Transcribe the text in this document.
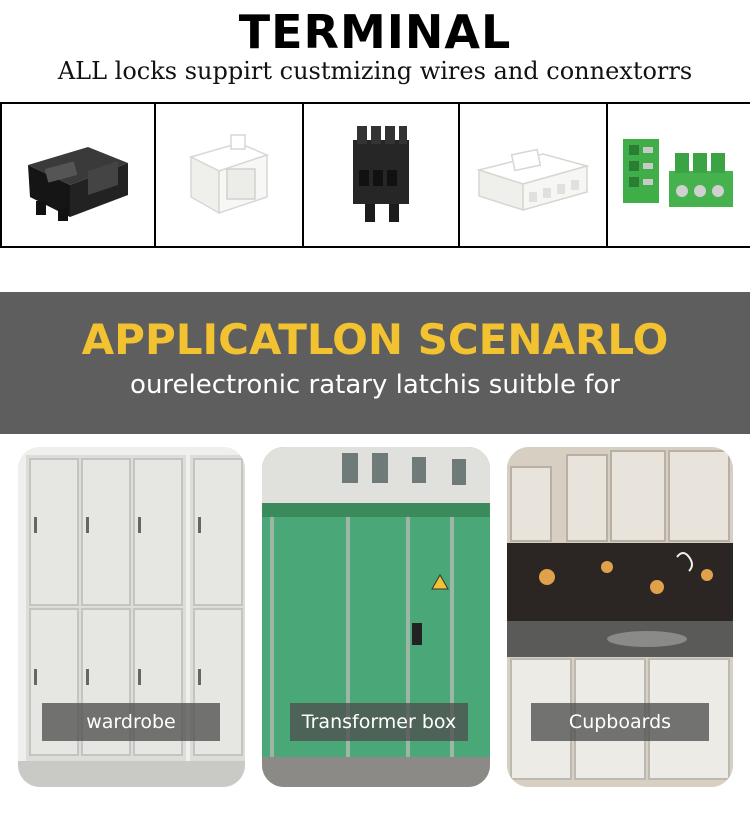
TERMINAL
ALL locks suppirt custmizing wires and connextorrs
APPLICATLON SCENARLO
ourelectronic ratary latchis suitble for
wardrobe	Transformer box	Cupboards
